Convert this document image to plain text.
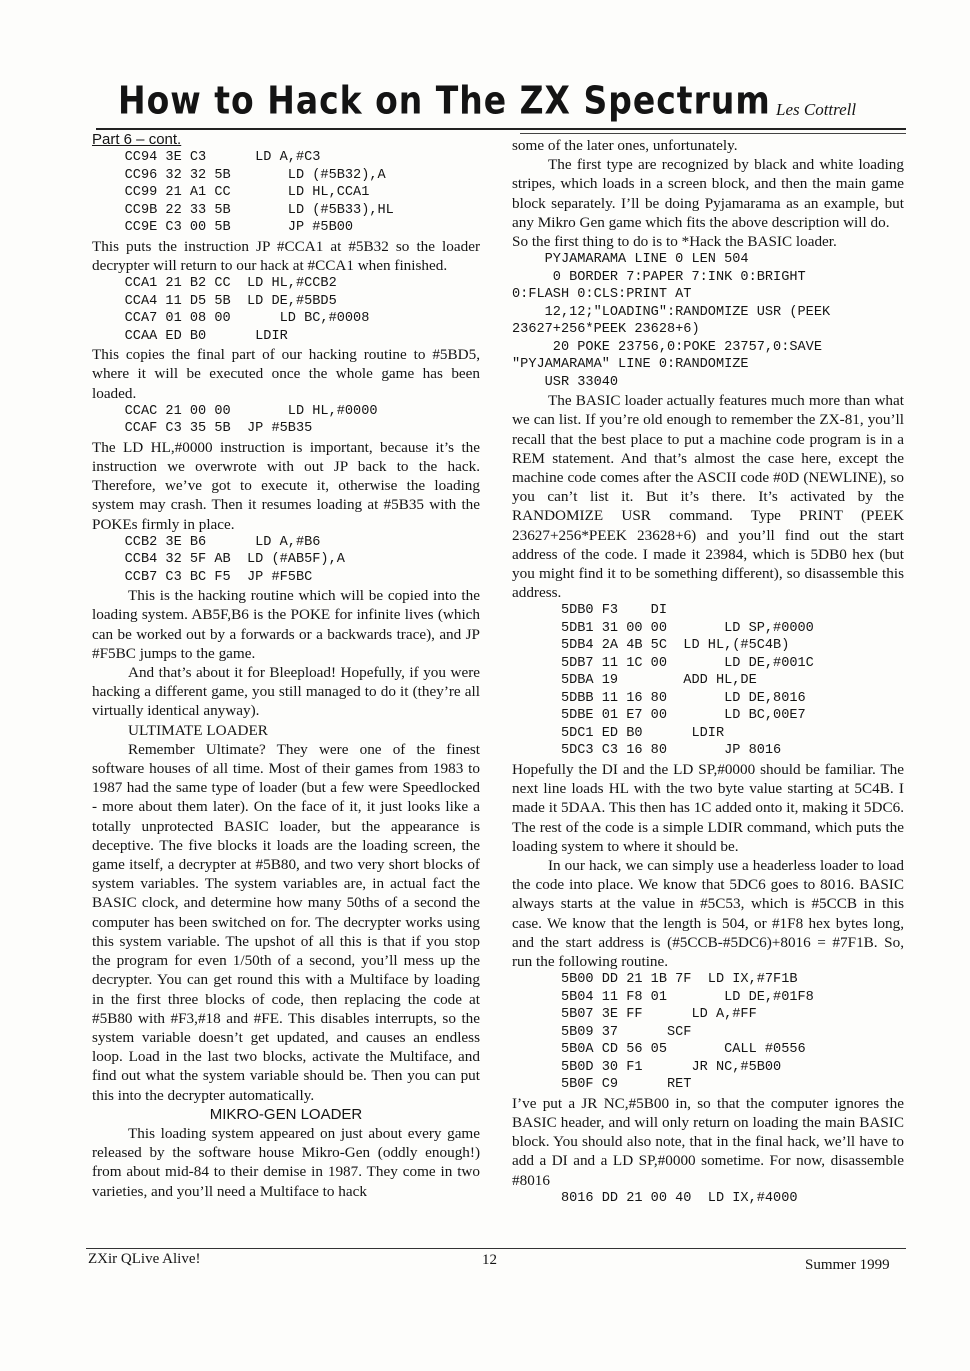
How to Hack on The ZX Spectrum Les Cottrell

Part 6 – cont.

CC94 3E C3      LD A,#C3
CC96 32 32 5B       LD (#5B32),A
CC99 21 A1 CC       LD HL,CCA1
CC9B 22 33 5B       LD (#5B33),HL
CC9E C3 00 5B       JP #5B00

This puts the instruction JP #CCA1 at #5B32 so the loader decrypter will return to our hack at #CCA1 when finished.

CCA1 21 B2 CC  LD HL,#CCB2
CCA4 11 D5 5B  LD DE,#5BD5
CCA7 01 08 00      LD BC,#0008
CCAA ED B0      LDIR

This copies the final part of our hacking routine to #5BD5, where it will be executed once the whole game has been loaded.

CCAC 21 00 00       LD HL,#0000
CCAF C3 35 5B  JP #5B35

The LD HL,#0000 instruction is important, because it’s the instruction we overwrote with out JP back to the hack. Therefore, we’ve got to execute it, otherwise the loading system may crash. Then it resumes loading at #5B35 with the POKEs firmly in place.

CCB2 3E B6      LD A,#B6
CCB4 32 5F AB  LD (#AB5F),A
CCB7 C3 BC F5  JP #F5BC

This is the hacking routine which will be copied into the loading system. AB5F,B6 is the POKE for infinite lives (which can be worked out by a forwards or a backwards trace), and JP #F5BC jumps to the game.

And that’s about it for Bleepload! Hopefully, if you were hacking a different game, you still managed to do it (they’re all virtually identical anyway).

ULTIMATE LOADER

Remember Ultimate? They were one of the finest software houses of all time. Most of their games from 1983 to 1987 had the same type of loader (but a few were Speedlocked - more about them later). On the face of it, it just looks like a totally unprotected BASIC loader, but the appearance is deceptive. The five blocks it loads are the loading screen, the game itself, a decrypter at #5B80, and two very short blocks of system variables. The system variables are, in actual fact the BASIC clock, and determine how many 50ths of a second the computer has been switched on for. The decrypter works using this system variable. The upshot of all this is that if you stop the program for even 1/50th of a second, you’ll mess up the decrypter. You can get round this with a Multiface by loading in the first three blocks of code, then replacing the code at #5B80 with #F3,#18 and #FE. This disables interrupts, so the system variable doesn’t get updated, and causes an endless loop. Load in the last two blocks, activate the Multiface, and find out what the system variable should be. Then you can put this into the decrypter automatically.

MIKRO-GEN LOADER

This loading system appeared on just about every game released by the software house Mikro-Gen (oddly enough!) from about mid-84 to their demise in 1987. They come in two varieties, and you’ll need a Multiface to hack

some of the later ones, unfortunately.

The first type are recognized by black and white loading stripes, which loads in a screen block, and then the main game block separately. I’ll be doing Pyjamarama as an example, but any Mikro Gen game which fits the above description will do.

So the first thing to do is to *Hack the BASIC loader.

PYJAMARAMA LINE 0 LEN 504
0 BORDER 7:PAPER 7:INK 0:BRIGHT
0:FLASH 0:CLS:PRINT AT
12,12;"LOADING":RANDOMIZE USR (PEEK
23627+256*PEEK 23628+6)
20 POKE 23756,0:POKE 23757,0:SAVE
"PYJAMARAMA" LINE 0:RANDOMIZE
USR 33040

The BASIC loader actually features much more than what we can list. If you’re old enough to remember the ZX-81, you’ll recall that the best place to put a machine code program is in a REM statement. And that’s almost the case here, except the machine code comes after the ASCII code #0D (NEWLINE), so you can’t list it. But it’s there. It’s activated by the RANDOMIZE USR command. Type PRINT (PEEK 23627+256*PEEK 23628+6) and you’ll find out the start address of the code. I made it 23984, which is 5DB0 hex (but you might find it to be something different), so disassemble this address.

5DB0 F3    DI
5DB1 31 00 00       LD SP,#0000
5DB4 2A 4B 5C  LD HL,(#5C4B)
5DB7 11 1C 00       LD DE,#001C
5DBA 19        ADD HL,DE
5DBB 11 16 80       LD DE,8016
5DBE 01 E7 00       LD BC,00E7
5DC1 ED B0      LDIR
5DC3 C3 16 80       JP 8016

Hopefully the DI and the LD SP,#0000 should be familiar. The next line loads HL with the two byte value starting at 5C4B. I made it 5DAA. This then has 1C added onto it, making it 5DC6. The rest of the code is a simple LDIR command, which puts the loading system to where it should be.

In our hack, we can simply use a headerless loader to load the code into place. We know that 5DC6 goes to 8016. BASIC always starts at the value in #5C53, which is #5CCB in this case. We know that the length is 504, or #1F8 hex bytes long, and the start address is (#5CCB-#5DC6)+8016 = #7F1B. So, run the following routine.

5B00 DD 21 1B 7F  LD IX,#7F1B
5B04 11 F8 01       LD DE,#01F8
5B07 3E FF      LD A,#FF
5B09 37      SCF
5B0A CD 56 05       CALL #0556
5B0D 30 F1      JR NC,#5B00
5B0F C9      RET

I’ve put a JR NC,#5B00 in, so that the computer ignores the BASIC header, and will only return on loading the main BASIC block. You should also note, that in the final hack, we’ll have to add a DI and a LD SP,#0000 sometime. For now, disassemble #8016

8016 DD 21 00 40  LD IX,#4000
ZXir QLive Alive!	12	Summer 1999
